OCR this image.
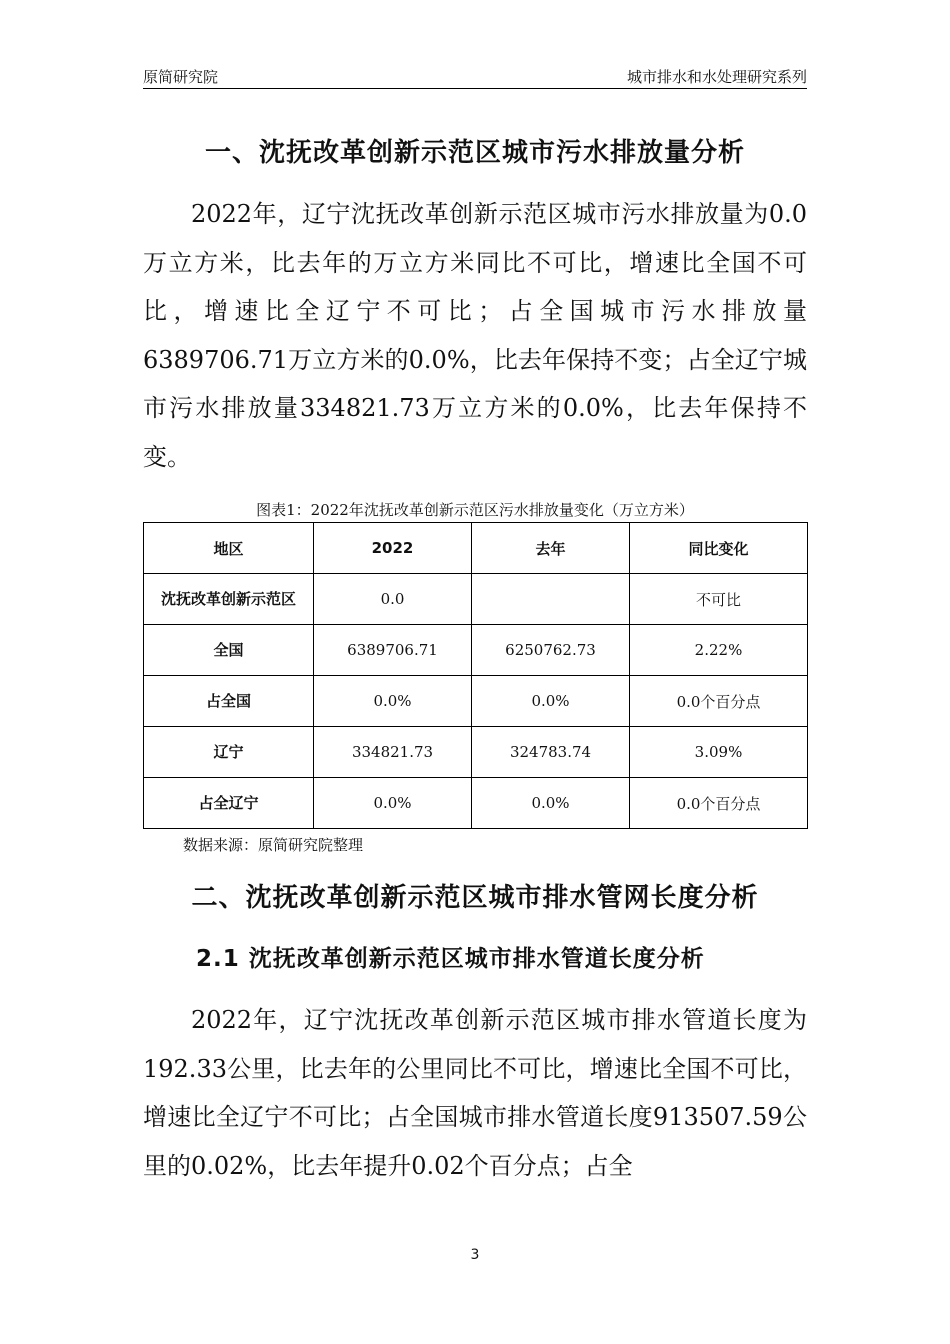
原简研究院	城市排水和水处理研究系列
一、沈抚改革创新示范区城市污水排放量分析

2022年，辽宁沈抚改革创新示范区城市污水排放量为0.0万立方米，比去年的万立方米同比不可比，增速比全国不可比，增速比全辽宁不可比；占全国城市污水排放量6389706.71万立方米的0.0%，比去年保持不变；占全辽宁城市污水排放量334821.73万立方米的0.0%，比去年保持不变。

图表1：2022年沈抚改革创新示范区污水排放量变化（万立方米）
地区	2022	去年	同比变化
沈抚改革创新示范区	0.0		不可比
全国	6389706.71	6250762.73	2.22%
占全国	0.0%	0.0%	0.0个百分点
辽宁	334821.73	324783.74	3.09%
占全辽宁	0.0%	0.0%	0.0个百分点
数据来源：原简研究院整理
二、沈抚改革创新示范区城市排水管网长度分析
2.1 沈抚改革创新示范区城市排水管道长度分析

2022年，辽宁沈抚改革创新示范区城市排水管道长度为192.33公里，比去年的公里同比不可比，增速比全国不可比，增速比全辽宁不可比；占全国城市排水管道长度913507.59公里的0.02%，比去年提升0.02个百分点；占全

3
